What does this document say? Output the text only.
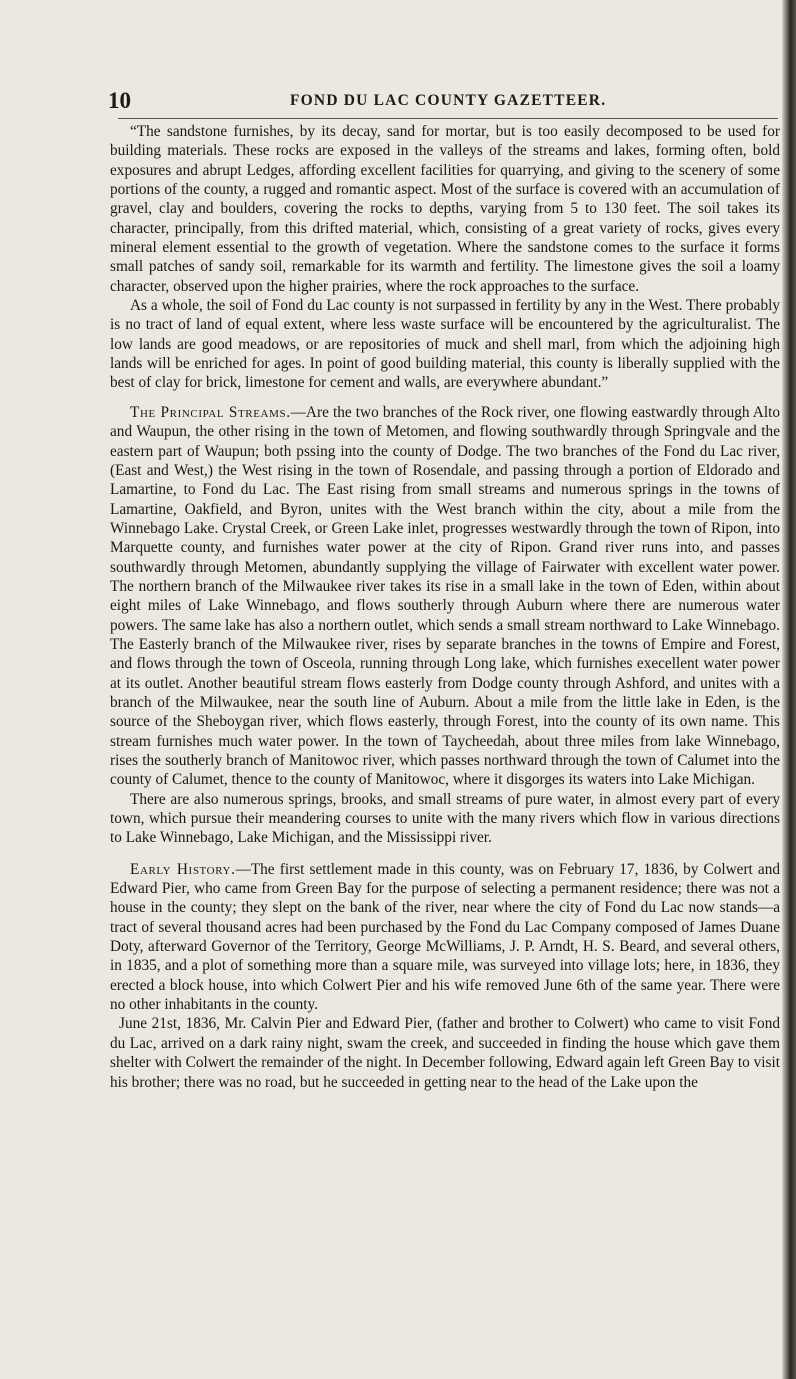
10	FOND DU LAC COUNTY GAZETTEER.

“The sandstone furnishes, by its decay, sand for mortar, but is too easily decomposed to be used for building materials. These rocks are exposed in the valleys of the streams and lakes, forming often, bold exposures and abrupt Ledges, affording excellent facilities for quarrying, and giving to the scenery of some portions of the county, a rugged and romantic aspect. Most of the surface is covered with an accumulation of gravel, clay and boulders, covering the rocks to depths, varying from 5 to 130 feet. The soil takes its character, principally, from this drifted material, which, consisting of a great variety of rocks, gives every mineral element essential to the growth of vegetation. Where the sandstone comes to the surface it forms small patches of sandy soil, remarkable for its warmth and fertility. The limestone gives the soil a loamy character, observed upon the higher prairies, where the rock approaches to the surface.

As a whole, the soil of Fond du Lac county is not surpassed in fertility by any in the West. There probably is no tract of land of equal extent, where less waste surface will be encountered by the agriculturalist. The low lands are good meadows, or are repositories of muck and shell marl, from which the adjoining high lands will be enriched for ages. In point of good building material, this county is liberally supplied with the best of clay for brick, limestone for cement and walls, are everywhere abundant.”

The Principal Streams.—Are the two branches of the Rock river, one flowing eastwardly through Alto and Waupun, the other rising in the town of Metomen, and flowing southwardly through Springvale and the eastern part of Waupun; both pssing into the county of Dodge. The two branches of the Fond du Lac river, (East and West,) the West rising in the town of Rosendale, and passing through a portion of Eldorado and Lamartine, to Fond du Lac. The East rising from small streams and numerous springs in the towns of Lamartine, Oakfield, and Byron, unites with the West branch within the city, about a mile from the Winnebago Lake. Crystal Creek, or Green Lake inlet, progresses westwardly through the town of Ripon, into Marquette county, and furnishes water power at the city of Ripon. Grand river runs into, and passes southwardly through Metomen, abundantly supplying the village of Fairwater with excellent water power. The northern branch of the Milwaukee river takes its rise in a small lake in the town of Eden, within about eight miles of Lake Winnebago, and flows southerly through Auburn where there are numerous water powers. The same lake has also a northern outlet, which sends a small stream northward to Lake Winnebago. The Easterly branch of the Milwaukee river, rises by separate branches in the towns of Empire and Forest, and flows through the town of Osceola, running through Long lake, which furnishes execellent water power at its outlet. Another beautiful stream flows easterly from Dodge county through Ashford, and unites with a branch of the Milwaukee, near the south line of Auburn. About a mile from the little lake in Eden, is the source of the Sheboygan river, which flows easterly, through Forest, into the county of its own name. This stream furnishes much water power. In the town of Taycheedah, about three miles from lake Winnebago, rises the southerly branch of Manitowoc river, which passes northward through the town of Calumet into the county of Calumet, thence to the county of Manitowoc, where it disgorges its waters into Lake Michigan.

There are also numerous springs, brooks, and small streams of pure water, in almost every part of every town, which pursue their meandering courses to unite with the many rivers which flow in various directions to Lake Winnebago, Lake Michigan, and the Mississippi river.

Early History.—The first settlement made in this county, was on February 17, 1836, by Colwert and Edward Pier, who came from Green Bay for the purpose of selecting a permanent residence; there was not a house in the county; they slept on the bank of the river, near where the city of Fond du Lac now stands—a tract of several thousand acres had been purchased by the Fond du Lac Company composed of James Duane Doty, afterward Governor of the Territory, George McWilliams, J. P. Arndt, H. S. Beard, and several others, in 1835, and a plot of something more than a square mile, was surveyed into village lots; here, in 1836, they erected a block house, into which Colwert Pier and his wife removed June 6th of the same year. There were no other inhabitants in the county.

June 21st, 1836, Mr. Calvin Pier and Edward Pier, (father and brother to Colwert) who came to visit Fond du Lac, arrived on a dark rainy night, swam the creek, and succeeded in finding the house which gave them shelter with Colwert the remainder of the night. In December following, Edward again left Green Bay to visit his brother; there was no road, but he succeeded in getting near to the head of the Lake upon the
